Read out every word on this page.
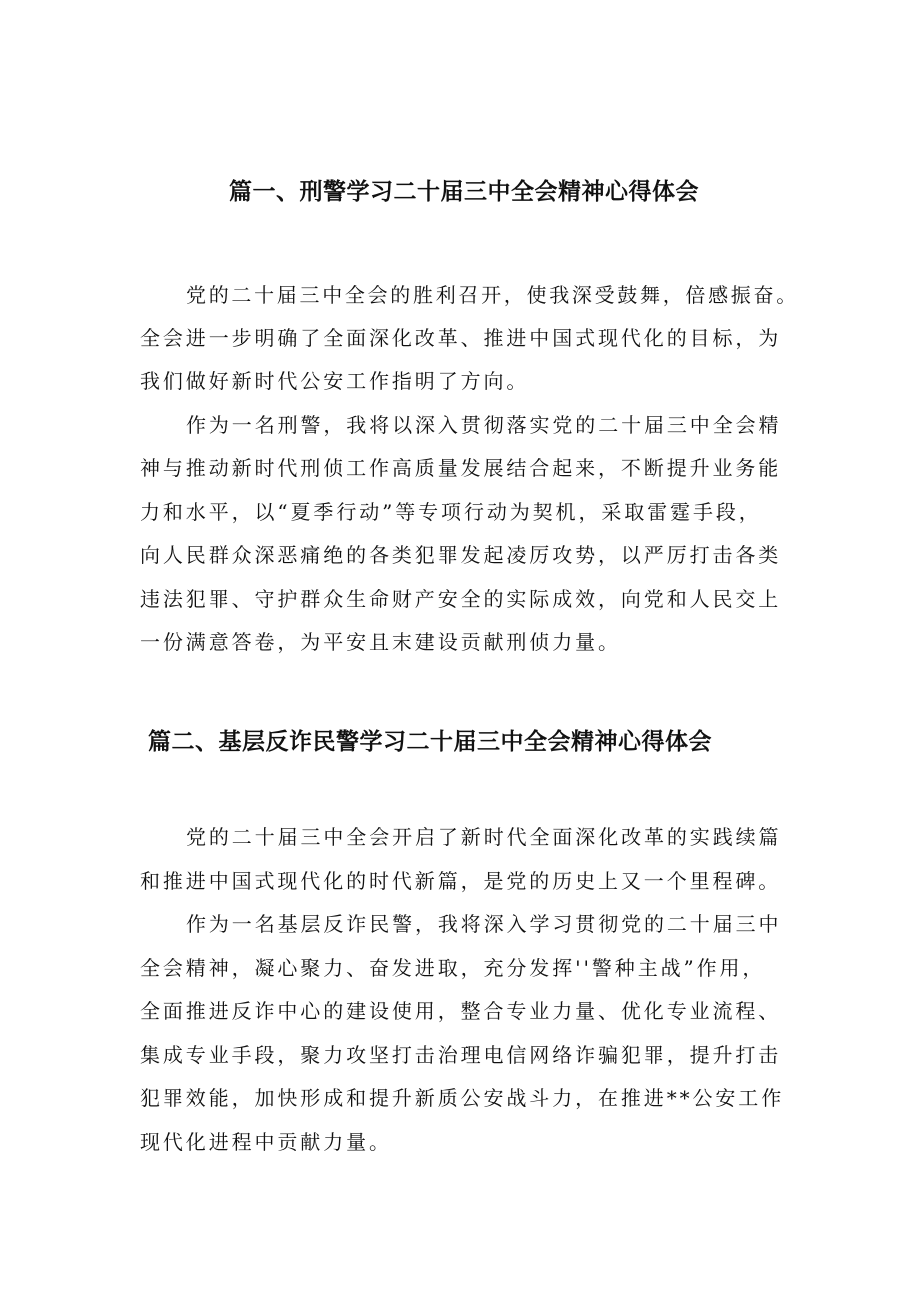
篇一、刑警学习二十届三中全会精神心得体会

党的二十届三中全会的胜利召开，使我深受鼓舞，倍感振奋。

全会进一步明确了全面深化改革、推进中国式现代化的目标，为

我们做好新时代公安工作指明了方向。

作为一名刑警，我将以深入贯彻落实党的二十届三中全会精

神与推动新时代刑侦工作高质量发展结合起来，不断提升业务能

力和水平，以“夏季行动”等专项行动为契机，采取雷霆手段，

向人民群众深恶痛绝的各类犯罪发起凌厉攻势，以严厉打击各类

违法犯罪、守护群众生命财产安全的实际成效，向党和人民交上

一份满意答卷，为平安且末建设贡献刑侦力量。

篇二、基层反诈民警学习二十届三中全会精神心得体会

党的二十届三中全会开启了新时代全面深化改革的实践续篇

和推进中国式现代化的时代新篇，是党的历史上又一个里程碑。

作为一名基层反诈民警，我将深入学习贯彻党的二十届三中

全会精神，凝心聚力、奋发进取，充分发挥''警种主战”作用，

全面推进反诈中心的建设使用，整合专业力量、优化专业流程、

集成专业手段，聚力攻坚打击治理电信网络诈骗犯罪，提升打击

犯罪效能，加快形成和提升新质公安战斗力，在推进**公安工作

现代化进程中贡献力量。
